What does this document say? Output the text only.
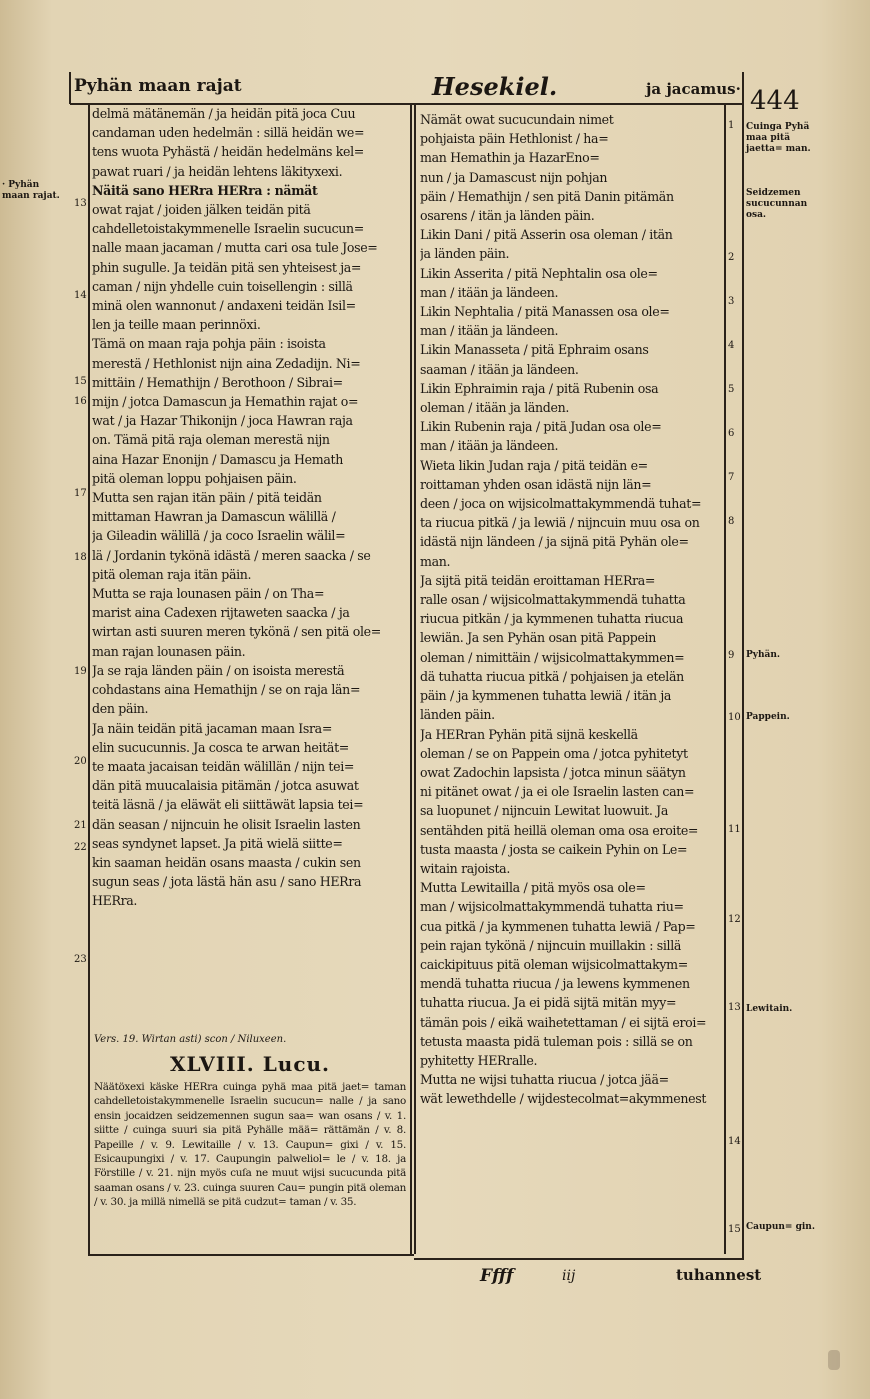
Pyhän maan rajat	Hesekiel.	ja jacamus· 444
· Pyhän maan rajat.
13
14
15
16
17
18
19
20
21
22
23
delmä mätänemän / ja heidän pitä joca Cuu
candaman uden hedelmän : sillä heidän we=
tens wuota Pyhästä / heidän hedelmäns kel=
pawat ruari / ja heidän lehtens läkityxexi.
Näitä sano HERra HERra : nämät
owat rajat / joiden jälken teidän pitä
cahdelletoistakymmenelle Israelin sucucun=
nalle maan jacaman / mutta cari osa tule Jose=
phin sugulle. Ja teidän pitä sen yhteisest ja=
caman / nijn yhdelle cuin toisellengin : sillä
minä olen wannonut / andaxeni teidän Isil=
len ja teille maan perinnöxi.
Tämä on maan raja pohja päin : isoista
merestä / Hethlonist nijn aina Zedadijn. Ni=
mittäin / Hemathijn / Berothoon / Sibrai=
mijn / jotca Damascun ja Hemathin rajat o=
wat / ja Hazar Thikonijn / joca Hawran raja
on. Tämä pitä raja oleman merestä nijn
aina Hazar Enonijn / Damascu ja Hemath
pitä oleman loppu pohjaisen päin.
Mutta sen rajan itän päin / pitä teidän
mittaman Hawran ja Damascun wälillä /
ja Gileadin wälillä / ja coco Israelin wälil=
lä / Jordanin tykönä idästä / meren saacka / se
pitä oleman raja itän päin.
Mutta se raja lounasen päin / on Tha=
marist aina Cadexen rijtaweten saacka / ja
wirtan asti suuren meren tykönä / sen pitä ole=
man rajan lounasen päin.
Ja se raja länden päin / on isoista merestä
cohdastans aina Hemathijn / se on raja län=
den päin.
Ja näin teidän pitä jacaman maan Isra=
elin sucucunnis. Ja cosca te arwan heität=
te maata jacaisan teidän wälillän / nijn tei=
dän pitä muucalaisia pitämän / jotca asuwat
teitä läsnä / ja eläwät eli siittäwät lapsia tei=
dän seasan / nijncuin he olisit Israelin lasten
seas syndynet lapset. Ja pitä wielä siitte=
kin saaman heidän osans maasta / cukin sen
sugun seas / jota lästä hän asu / sano HERra
HERra.
Vers. 19. Wirtan asti) scon / Niluxeen.
XLVIII. Lucu.

Näätöxexi käske HERra cuinga pyhä maa pitä jaet= taman cahdelletoistakymmenelle Israelin sucucun= nalle / ja sano ensin jocaidzen seidzemennen sugun saa= wan osans / v. 1. siitte / cuinga suuri sia pitä Pyhälle mää= rättämän / v. 8. Papeille / v. 9. Lewitaille / v. 13. Caupun= gixi / v. 15. Esicaupungixi / v. 17. Caupungin palweliol= le / v. 18. ja Förstille / v. 21. nijn myös cuſa ne muut wijsi sucucunda pitä saaman osans / v. 23. cuinga suuren Cau= pungin pitä oleman / v. 30. ja millä nimellä se pitä cudzut= taman / v. 35.

1
2
3
4
5
6
7
8
9
10
11
12
13
14
15
Cuinga Pyhä maa pitä jaetta= man.
Seidzemen sucucunnan osa.
Pyhän.
Pappein.
Lewitain.
Caupun= gin.
Nämät owat sucucundain nimet
pohjaista päin Hethlonist / ha=
man Hemathin ja HazarEno=
nun / ja Damascust nijn pohjan
päin / Hemathijn / sen pitä Danin pitämän
osarens / itän ja länden päin.
Likin Dani / pitä Asserin osa oleman / itän
ja länden päin.
Likin Asserita / pitä Nephtalin osa ole=
man / itään ja ländeen.
Likin Nephtalia / pitä Manassen osa ole=
man / itään ja ländeen.
Likin Manasseta / pitä Ephraim osans
saaman / itään ja ländeen.
Likin Ephraimin raja / pitä Rubenin osa
oleman / itään ja länden.
Likin Rubenin raja / pitä Judan osa ole=
man / itään ja ländeen.
Wieta likin Judan raja / pitä teidän e=
roittaman yhden osan idästä nijn län=
deen / joca on wijsicolmattakymmendä tuhat=
ta riucua pitkä / ja lewiä / nijncuin muu osa on
idästä nijn ländeen / ja sijnä pitä Pyhän ole=
man.
Ja sijtä pitä teidän eroittaman HERra=
ralle osan / wijsicolmattakymmendä tuhatta
riucua pitkän / ja kymmenen tuhatta riucua
lewiän. Ja sen Pyhän osan pitä Pappein
oleman / nimittäin / wijsicolmattakymmen=
dä tuhatta riucua pitkä / pohjaisen ja etelän
päin / ja kymmenen tuhatta lewiä / itän ja
länden päin.
Ja HERran Pyhän pitä sijnä keskellä
oleman / se on Pappein oma / jotca pyhitetyt
owat Zadochin lapsista / jotca minun säätyn
ni pitänet owat / ja ei ole Israelin lasten can=
sa luopunet / nijncuin Lewitat luowuit. Ja
sentähden pitä heillä oleman oma osa eroite=
tusta maasta / josta se caikein Pyhin on Le=
witain rajoista.
Mutta Lewitailla / pitä myös osa ole=
man / wijsicolmattakymmendä tuhatta riu=
cua pitkä / ja kymmenen tuhatta lewiä / Pap=
pein rajan tykönä / nijncuin muillakin : sillä
caickipituus pitä oleman wijsicolmattakym=
mendä tuhatta riucua / ja lewens kymmenen
tuhatta riucua. Ja ei pidä sijtä mitän myy=
tämän pois / eikä waihetettaman / ei sijtä eroi=
tetusta maasta pidä tuleman pois : sillä se on
pyhitetty HERralle.
Mutta ne wijsi tuhatta riucua / jotca jää=
wät lewethdelle / wijdestecolmat=akymmenest
Ffff	iij	tuhannest
